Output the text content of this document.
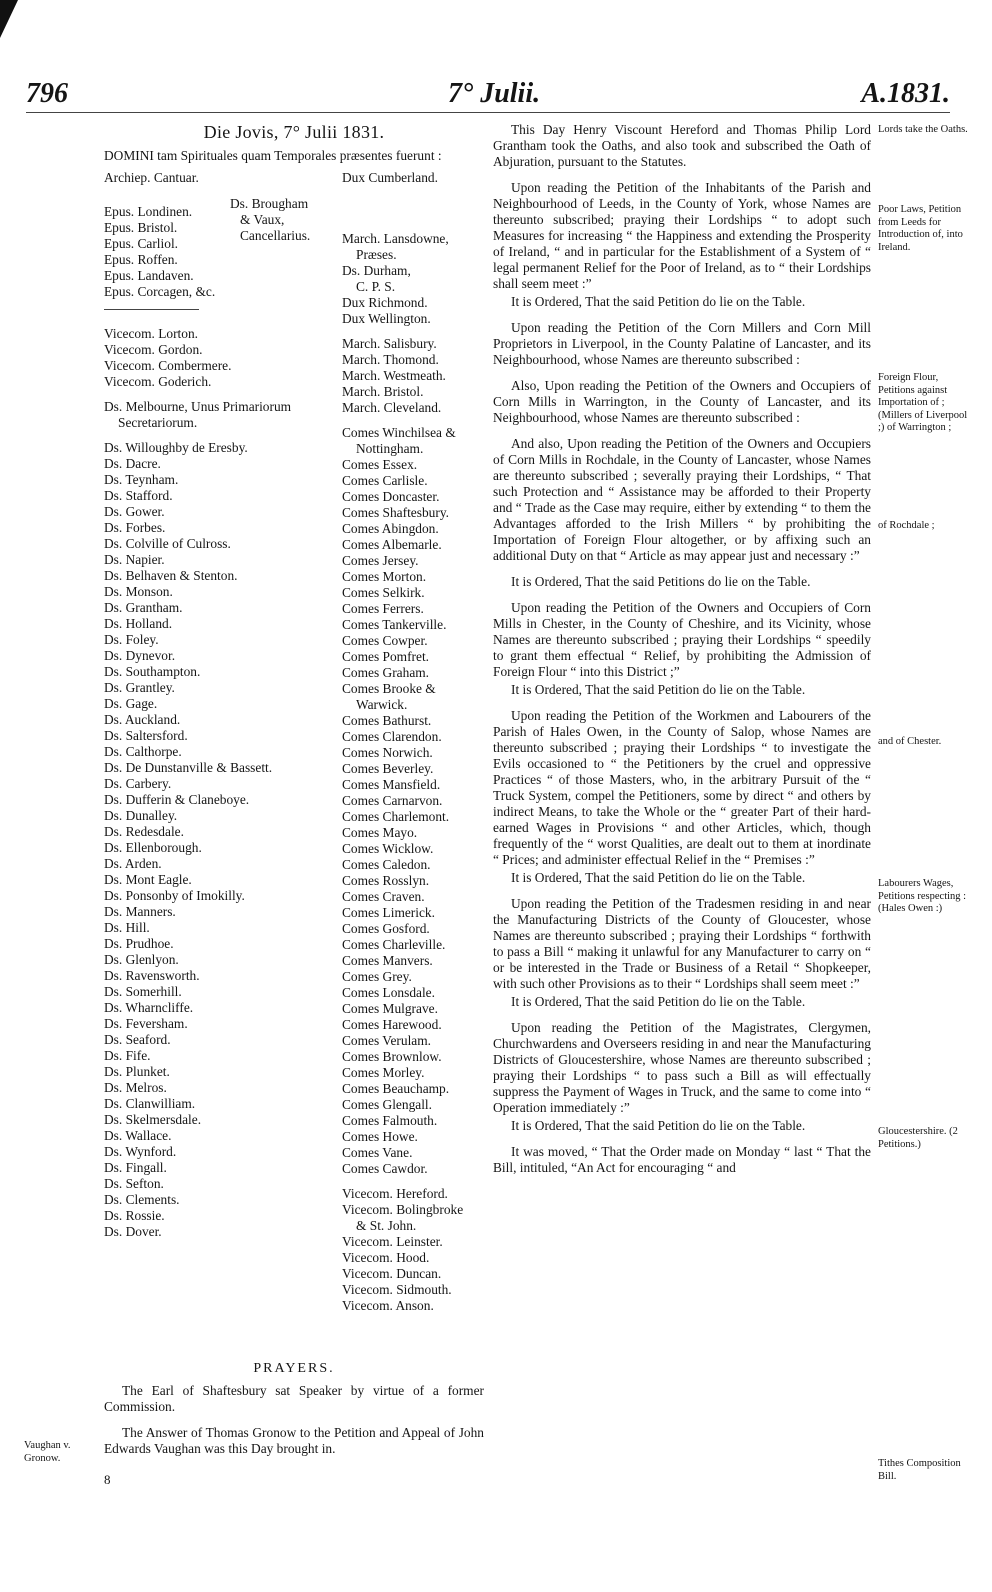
796	7° Julii.	A.1831.
Die Jovis, 7° Julii 1831.
DOMINI tam Spirituales quam Temporales præsentes fuerunt :
Archiep. Cantuar.
Epus. Londinen.
Epus. Bristol.
Epus. Carliol.
Epus. Roffen.
Epus. Landaven.
Epus. Corcagen, &c.
Vicecom. Lorton.
Vicecom. Gordon.
Vicecom. Combermere.
Vicecom. Goderich.
Ds. Melbourne, Unus Primariorum
Secretariorum.
Ds. Willoughby de Eresby.
Ds. Dacre.
Ds. Teynham.
Ds. Stafford.
Ds. Gower.
Ds. Forbes.
Ds. Colville of Culross.
Ds. Napier.
Ds. Belhaven & Stenton.
Ds. Monson.
Ds. Grantham.
Ds. Holland.
Ds. Foley.
Ds. Dynevor.
Ds. Southampton.
Ds. Grantley.
Ds. Gage.
Ds. Auckland.
Ds. Saltersford.
Ds. Calthorpe.
Ds. De Dunstanville & Bassett.
Ds. Carbery.
Ds. Dufferin & Claneboye.
Ds. Dunalley.
Ds. Redesdale.
Ds. Ellenborough.
Ds. Arden.
Ds. Mont Eagle.
Ds. Ponsonby of Imokilly.
Ds. Manners.
Ds. Hill.
Ds. Prudhoe.
Ds. Glenlyon.
Ds. Ravensworth.
Ds. Somerhill.
Ds. Wharncliffe.
Ds. Feversham.
Ds. Seaford.
Ds. Fife.
Ds. Plunket.
Ds. Melros.
Ds. Clanwilliam.
Ds. Skelmersdale.
Ds. Wallace.
Ds. Wynford.
Ds. Fingall.
Ds. Sefton.
Ds. Clements.
Ds. Rossie.
Ds. Dover.
Ds. Brougham
& Vaux,
Cancellarius.
Dux Cumberland.
March. Lansdowne,
Præses.
Ds. Durham,
C. P. S.
Dux Richmond.
Dux Wellington.
March. Salisbury.
March. Thomond.
March. Westmeath.
March. Bristol.
March. Cleveland.
Comes Winchilsea &
Nottingham.
Comes Essex.
Comes Carlisle.
Comes Doncaster.
Comes Shaftesbury.
Comes Abingdon.
Comes Albemarle.
Comes Jersey.
Comes Morton.
Comes Selkirk.
Comes Ferrers.
Comes Tankerville.
Comes Cowper.
Comes Pomfret.
Comes Graham.
Comes Brooke &
Warwick.
Comes Bathurst.
Comes Clarendon.
Comes Norwich.
Comes Beverley.
Comes Mansfield.
Comes Carnarvon.
Comes Charlemont.
Comes Mayo.
Comes Wicklow.
Comes Caledon.
Comes Rosslyn.
Comes Craven.
Comes Limerick.
Comes Gosford.
Comes Charleville.
Comes Manvers.
Comes Grey.
Comes Lonsdale.
Comes Mulgrave.
Comes Harewood.
Comes Verulam.
Comes Brownlow.
Comes Morley.
Comes Beauchamp.
Comes Glengall.
Comes Falmouth.
Comes Howe.
Comes Vane.
Comes Cawdor.
Vicecom. Hereford.
Vicecom. Bolingbroke
& St. John.
Vicecom. Leinster.
Vicecom. Hood.
Vicecom. Duncan.
Vicecom. Sidmouth.
Vicecom. Anson.
PRAYERS.
The Earl of Shaftesbury sat Speaker by virtue of a former Commission.
The Answer of Thomas Gronow to the Petition and Appeal of John Edwards Vaughan was this Day brought in.
8
Vaughan v. Gronow.

This Day Henry Viscount Hereford and Thomas Philip Lord Grantham took the Oaths, and also took and subscribed the Oath of Abjuration, pursuant to the Statutes.

Upon reading the Petition of the Inhabitants of the Parish and Neighbourhood of Leeds, in the County of York, whose Names are thereunto subscribed; praying their Lordships “ to adopt such Measures for increasing “ the Happiness and extending the Prosperity of Ireland, “ and in particular for the Establishment of a System of “ legal permanent Relief for the Poor of Ireland, as to “ their Lordships shall seem meet :”

It is Ordered, That the said Petition do lie on the Table.

Upon reading the Petition of the Corn Millers and Corn Mill Proprietors in Liverpool, in the County Palatine of Lancaster, and its Neighbourhood, whose Names are thereunto subscribed :

Also, Upon reading the Petition of the Owners and Occupiers of Corn Mills in Warrington, in the County of Lancaster, and its Neighbourhood, whose Names are thereunto subscribed :

And also, Upon reading the Petition of the Owners and Occupiers of Corn Mills in Rochdale, in the County of Lancaster, whose Names are thereunto subscribed ; severally praying their Lordships, “ That such Protection and “ Assistance may be afforded to their Property and “ Trade as the Case may require, either by extending “ to them the Advantages afforded to the Irish Millers “ by prohibiting the Importation of Foreign Flour altogether, or by affixing such an additional Duty on that “ Article as may appear just and necessary :”

It is Ordered, That the said Petitions do lie on the Table.

Upon reading the Petition of the Owners and Occupiers of Corn Mills in Chester, in the County of Cheshire, and its Vicinity, whose Names are thereunto subscribed ; praying their Lordships “ speedily to grant them effectual “ Relief, by prohibiting the Admission of Foreign Flour “ into this District ;”

It is Ordered, That the said Petition do lie on the Table.

Upon reading the Petition of the Workmen and Labourers of the Parish of Hales Owen, in the County of Salop, whose Names are thereunto subscribed ; praying their Lordships “ to investigate the Evils occasioned to “ the Petitioners by the cruel and oppressive Practices “ of those Masters, who, in the arbitrary Pursuit of the “ Truck System, compel the Petitioners, some by direct “ and others by indirect Means, to take the Whole or the “ greater Part of their hard-earned Wages in Provisions “ and other Articles, which, though frequently of the “ worst Qualities, are dealt out to them at inordinate “ Prices; and administer effectual Relief in the “ Premises :”

It is Ordered, That the said Petition do lie on the Table.

Upon reading the Petition of the Tradesmen residing in and near the Manufacturing Districts of the County of Gloucester, whose Names are thereunto subscribed ; praying their Lordships “ forthwith to pass a Bill “ making it unlawful for any Manufacturer to carry on “ or be interested in the Trade or Business of a Retail “ Shopkeeper, with such other Provisions as to their “ Lordships shall seem meet :”

It is Ordered, That the said Petition do lie on the Table.

Upon reading the Petition of the Magistrates, Clergymen, Churchwardens and Overseers residing in and near the Manufacturing Districts of Gloucestershire, whose Names are thereunto subscribed ; praying their Lordships “ to pass such a Bill as will effectually suppress the Payment of Wages in Truck, and the same to come into “ Operation immediately :”

It is Ordered, That the said Petition do lie on the Table.

It was moved, “ That the Order made on Monday “ last “ That the Bill, intituled, “An Act for encouraging “ and

Lords take the Oaths.
Poor Laws, Petition from Leeds for Introduction of, into Ireland.
Foreign Flour, Petitions against Importation of ; (Millers of Liverpool ;) of Warrington ;
of Rochdale ;
and of Chester.
Labourers Wages, Petitions respecting : (Hales Owen :)
Gloucestershire. (2 Petitions.)
Tithes Composition Bill.
